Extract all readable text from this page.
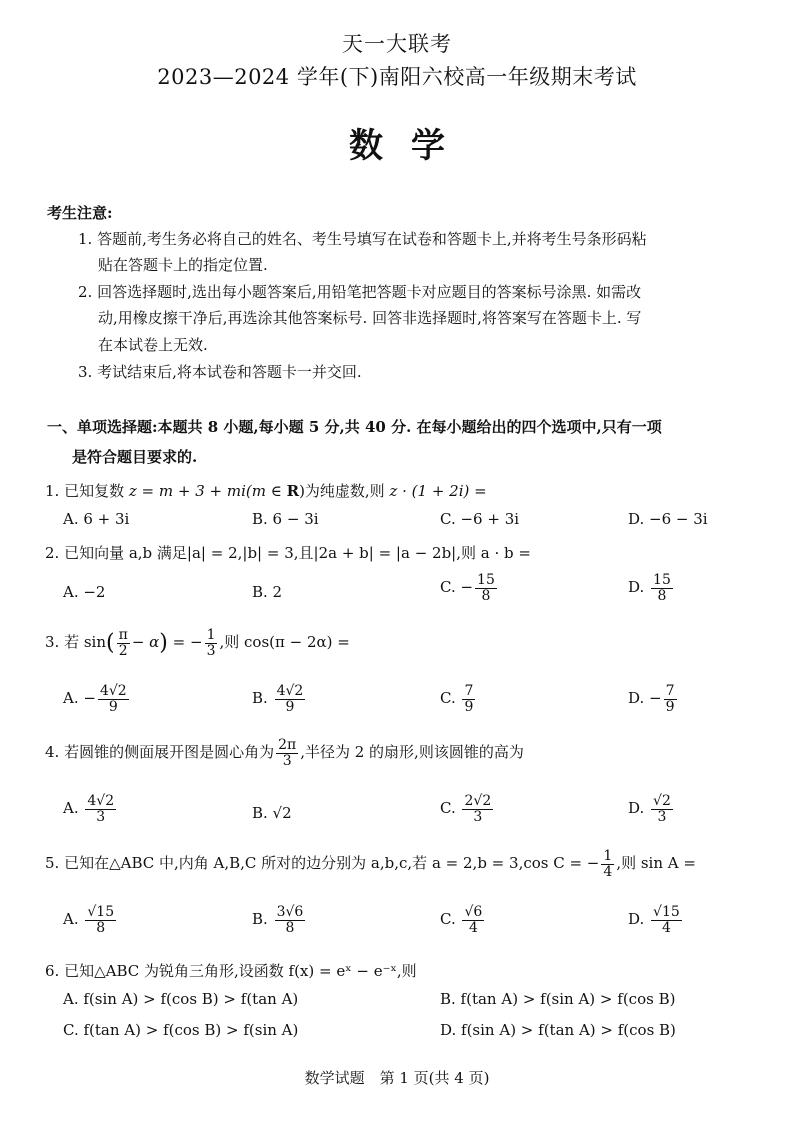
天一大联考
2023—2024 学年(下)南阳六校高一年级期末考试
数学
考生注意:
1. 答题前,考生务必将自己的姓名、考生号填写在试卷和答题卡上,并将考生号条形码粘
贴在答题卡上的指定位置.
2. 回答选择题时,选出每小题答案后,用铅笔把答题卡对应题目的答案标号涂黑. 如需改
动,用橡皮擦干净后,再选涂其他答案标号. 回答非选择题时,将答案写在答题卡上. 写
在本试卷上无效.
3. 考试结束后,将本试卷和答题卡一并交回.
一、单项选择题:本题共 8 小题,每小题 5 分,共 40 分. 在每小题给出的四个选项中,只有一项
是符合题目要求的.
1. 已知复数 z = m + 3 + mi(m ∈ R)为纯虚数,则 z · (1 + 2i) =
A. 6 + 3i	B. 6 − 3i	C. −6 + 3i	D. −6 − 3i
2. 已知向量 a,b 满足|a| = 2,|b| = 3,且|2a + b| = |a − 2b|,则 a · b =
A. −2	B. 2	C. − $\frac{15}{8}$	D. $\frac{15}{8}$
3. 若 $\sin( \frac{\pi}{2} - \alpha)$ = − $\frac{1}{3}$ ,则 cos(π − 2α) =
A. − $\frac{4√2}{9}$	B. $\frac{4√2}{9}$	C. $\frac{7}{9}$	D. − $\frac{7}{9}$
4. 若圆锥的侧面展开图是圆心角为 $\frac{2\pi}{3}$ ,半径为 2 的扇形,则该圆锥的高为
A. $\frac{4√2}{3}$	B. √2	C. $\frac{2√2}{3}$	D. $\frac{√2}{3}$
5. 已知在△ABC 中,内角 A,B,C 所对的边分别为 a,b,c,若 a = 2,b = 3,cos C = − $\frac{1}{4}$ ,则 sin A =
A. $\frac{√15}{8}$	B. $\frac{3√6}{8}$	C. $\frac{√6}{4}$	D. $\frac{√15}{4}$
6. 已知△ABC 为锐角三角形,设函数 f(x) = eˣ − e⁻ˣ,则
A. f(sin A) > f(cos B) > f(tan A)	B. f(tan A) > f(sin A) > f(cos B)
C. f(tan A) > f(cos B) > f(sin A)	D. f(sin A) > f(tan A) > f(cos B)
数学试题　第 1 页(共 4 页)
